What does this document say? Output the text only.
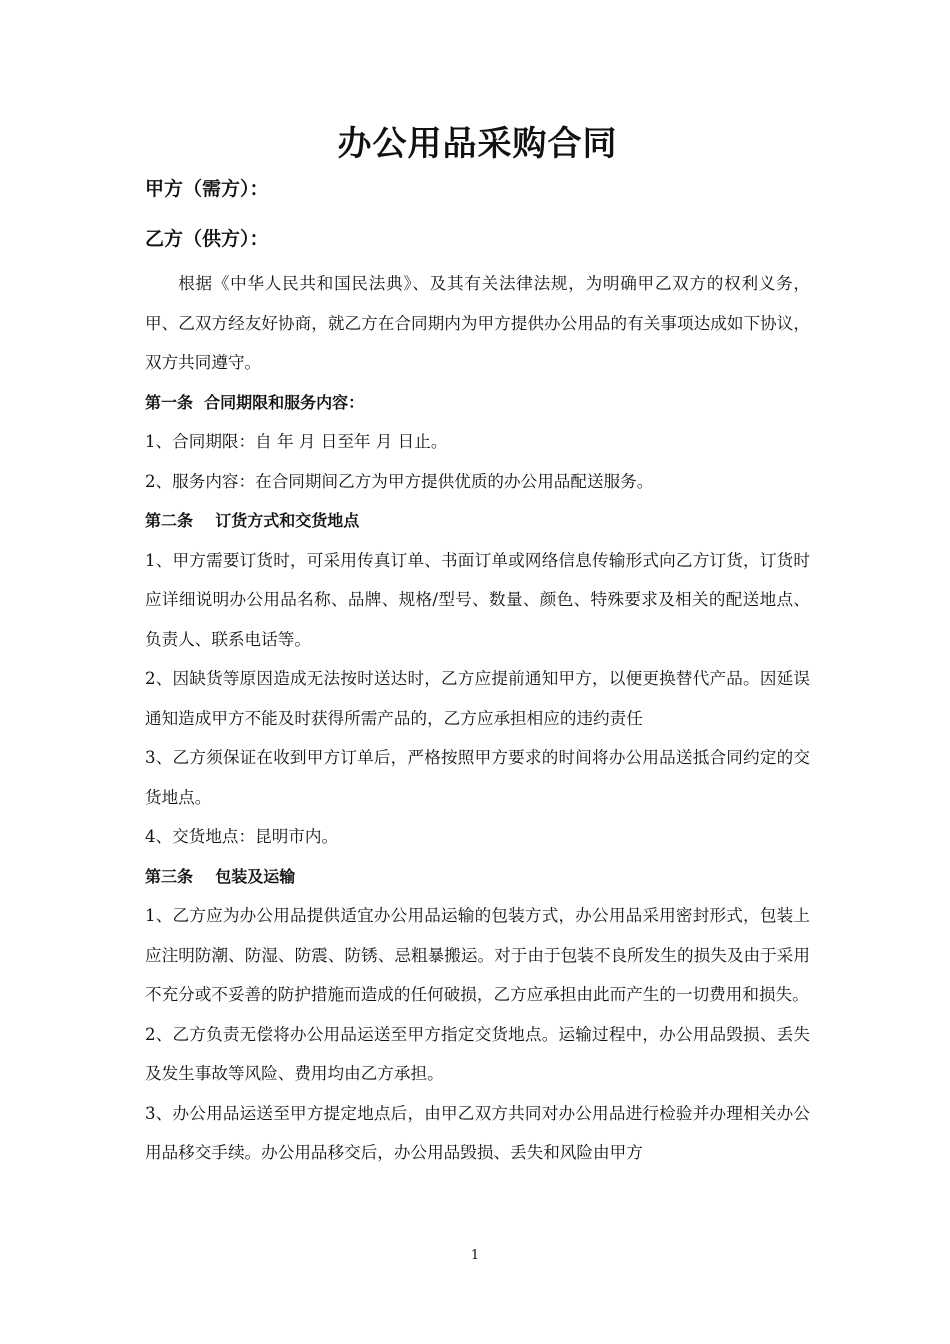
办公用品采购合同

甲方（需方）：

乙方（供方）：

根据《中华人民共和国民法典》、及其有关法律法规，为明确甲乙双方的权利义务，甲、乙双方经友好协商，就乙方在合同期内为甲方提供办公用品的有关事项达成如下协议，双方共同遵守。

第一条  合同期限和服务内容：

1、合同期限：自 年 月 日至年 月 日止。

2、服务内容：在合同期间乙方为甲方提供优质的办公用品配送服务。

第二条    订货方式和交货地点

1、甲方需要订货时，可采用传真订单、书面订单或网络信息传输形式向乙方订货，订货时应详细说明办公用品名称、品牌、规格/型号、数量、颜色、特殊要求及相关的配送地点、负责人、联系电话等。

2、因缺货等原因造成无法按时送达时，乙方应提前通知甲方，以便更换替代产品。因延误通知造成甲方不能及时获得所需产品的，乙方应承担相应的违约责任

3、乙方须保证在收到甲方订单后，严格按照甲方要求的时间将办公用品送抵合同约定的交货地点。

4、交货地点：昆明市内。

第三条    包装及运输

1、乙方应为办公用品提供适宜办公用品运输的包装方式，办公用品采用密封形式，包装上应注明防潮、防湿、防震、防锈、忌粗暴搬运。对于由于包装不良所发生的损失及由于采用不充分或不妥善的防护措施而造成的任何破损，乙方应承担由此而产生的一切费用和损失。

2、乙方负责无偿将办公用品运送至甲方指定交货地点。运输过程中，办公用品毁损、丢失及发生事故等风险、费用均由乙方承担。

3、办公用品运送至甲方提定地点后，由甲乙双方共同对办公用品进行检验并办理相关办公用品移交手续。办公用品移交后，办公用品毁损、丢失和风险由甲方

1
